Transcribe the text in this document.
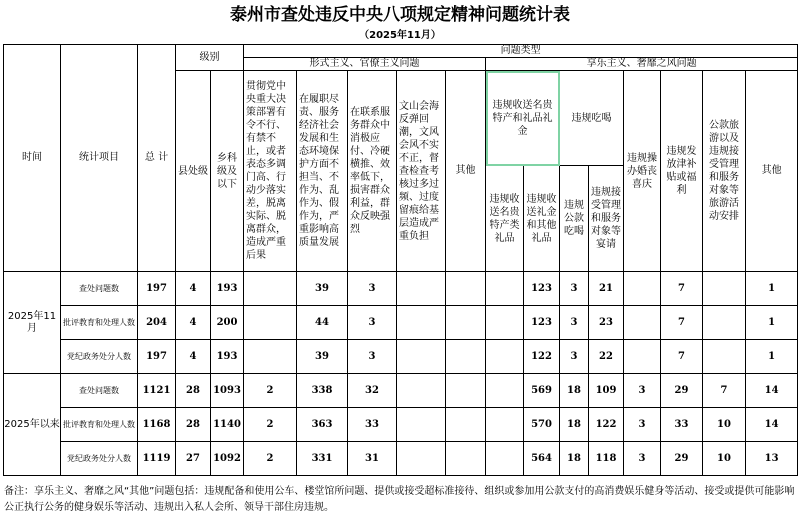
泰州市查处违反中央八项规定精神问题统计表
（2025年11月）
时间	统计项目	总 计	级别		问题类型												
					形式主义、官僚主义问题					享乐主义、奢靡之风问题							
			县处级	乡科级及以下	贯彻党中央重大决策部署有令不行、有禁不止，或者表态多调门高、行动少落实差，脱离实际、脱离群众，造成严重后果	在履职尽责、服务经济社会发展和生态环境保护方面不担当、不作为、乱作为、假作为，严重影响高质量发展	在联系服务群众中消极应付、冷硬横推、效率低下，损害群众利益，群众反映强烈	文山会海反弹回潮，文风会风不实不正，督查检查考核过多过频、过度留痕给基层造成严重负担	其他	违规收送名贵特产和礼品礼金		违规吃喝		违规操办婚丧喜庆	违规发放津补贴或福利	公款旅游以及违规接受管理和服务对象等旅游活动安排	其他
										违规收送名贵特产类礼品	违规收送礼金和其他礼品	违规公款吃喝	违规接受管理和服务对象等宴请				
2025年11月	查处问题数	197	4	193		39	3				123	3	21		7		1
	批评教育和处理人数	204	4	200		44	3				123	3	23		7		1
	党纪政务处分人数	197	4	193		39	3				122	3	22		7		1
2025年以来	查处问题数	1121	28	1093	2	338	32				569	18	109	3	29	7	14
	批评教育和处理人数	1168	28	1140	2	363	33				570	18	122	3	33	10	14
	党纪政务处分人数	1119	27	1092	2	331	31				564	18	118	3	29	10	13
备注：享乐主义、奢靡之风“其他”问题包括：违规配备和使用公车、楼堂馆所问题、提供或接受超标准接待、组织或参加用公款支付的高消费娱乐健身等活动、接受或提供可能影响公正执行公务的健身娱乐等活动、违规出入私人会所、领导干部住房违规。
